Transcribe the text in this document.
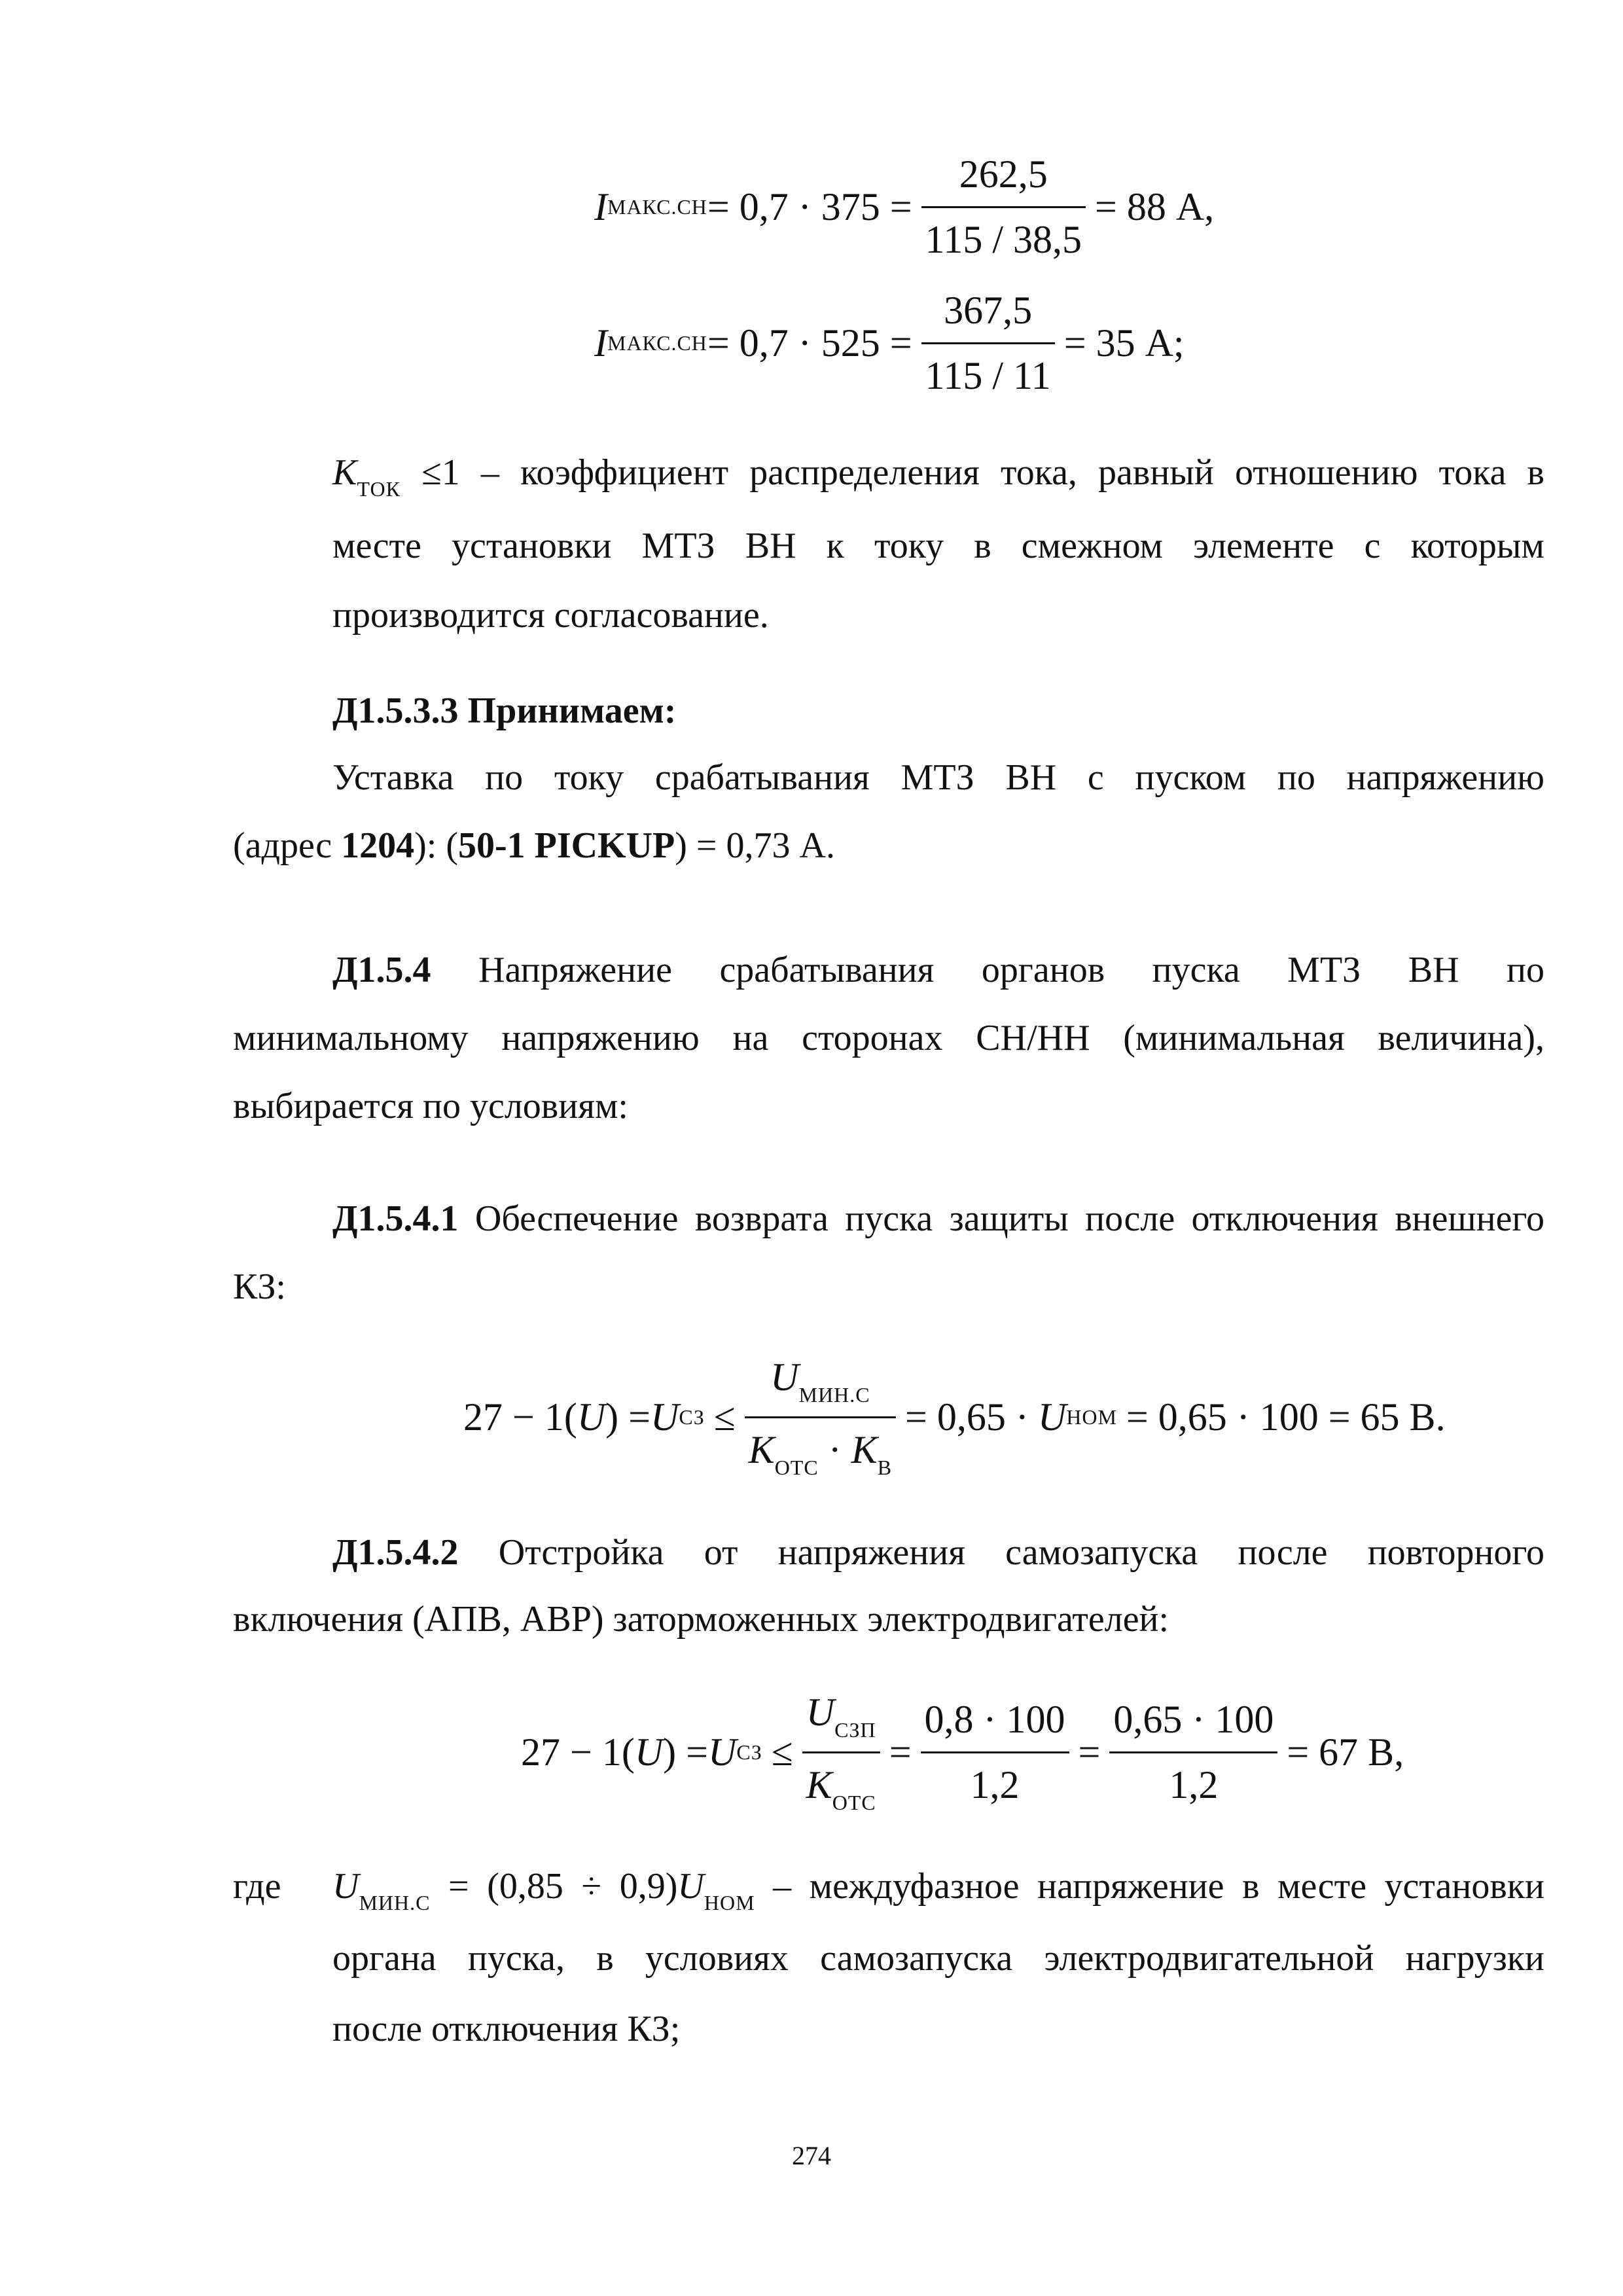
I МАКС.СН = $0,7 \cdot 375 = \frac{262,5}{115 / 38,5} = 88$ А,
I МАКС.СН = $0,7 \cdot 525 = \frac{367,5}{115 / 11} = 35$ А;
$K_{ТОК} \le 1$ – коэффициент распределения тока, равный отношению тока в
месте установки МТЗ ВН к току в смежном элементе с которым
производится согласование.
Д1.5.3.3 Принимаем:
Уставка по току срабатывания МТЗ ВН с пуском по напряжению
(адрес 1204): (50-1 PICKUP) = 0,73 А.
Д1.5.4 Напряжение срабатывания органов пуска МТЗ ВН по
минимальному напряжению на сторонах СН/НН (минимальная величина),
выбирается по условиям:
Д1.5.4.1 Обеспечение возврата пуска защиты после отключения внешнего
КЗ:
27 − 1( U ) = U СЗ ≤ $\frac{U_{МИН.С}}{K_{ОТС} \cdot K_В} = 0,65 \cdot U$ НОМ = 0,65 · 100 = 65 В.
Д1.5.4.2 Отстройка от напряжения самозапуска после повторного
включения (АПВ, АВР) заторможенных электродвигателей:
27 − 1( U ) = U СЗ ≤ $\frac{U_{СЗП}}{K_{ОТС}} = \frac{0,8 \cdot 100}{1,2} = \frac{0,65 \cdot 100}{1,2} = 67$ В,
где $U_{МИН.С} = (0,85 \div 0,9)U_{НОМ}$ – междуфазное напряжение в месте установки
органа пуска, в условиях самозапуска электродвигательной нагрузки
после отключения КЗ;
274
